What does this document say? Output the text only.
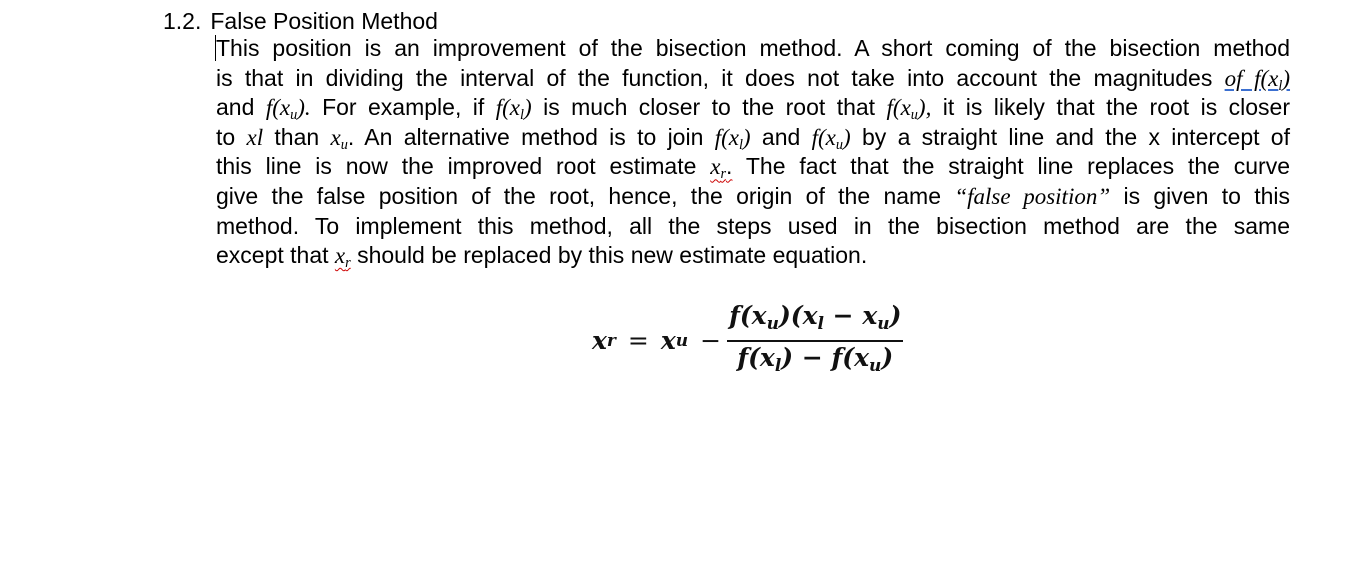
1.2. False Position Method
This position is an improvement of the bisection method. A short coming of the bisection method
is that in dividing the interval of the function, it does not take into account the magnitudes of $f(x_l)$
and $f(x_u)$. For example, if $f(x_l)$ is much closer to the root that $f(x_u)$, it is likely that the root is closer
to xl than $x_u$. An alternative method is to join $f(x_l)$ and $f(x_u)$ by a straight line and the x intercept of
this line is now the improved root estimate $x_r$. The fact that the straight line replaces the curve
give the false position of the root, hence, the origin of the name “false position” is given to this
method. To implement this method, all the steps used in the bisection method are the same
except that $x_r$ should be replaced by this new estimate equation.
x r = x $u - \frac{f(x_u)(x_l - x_u)}{f(x_l) - f(x_u)}$
